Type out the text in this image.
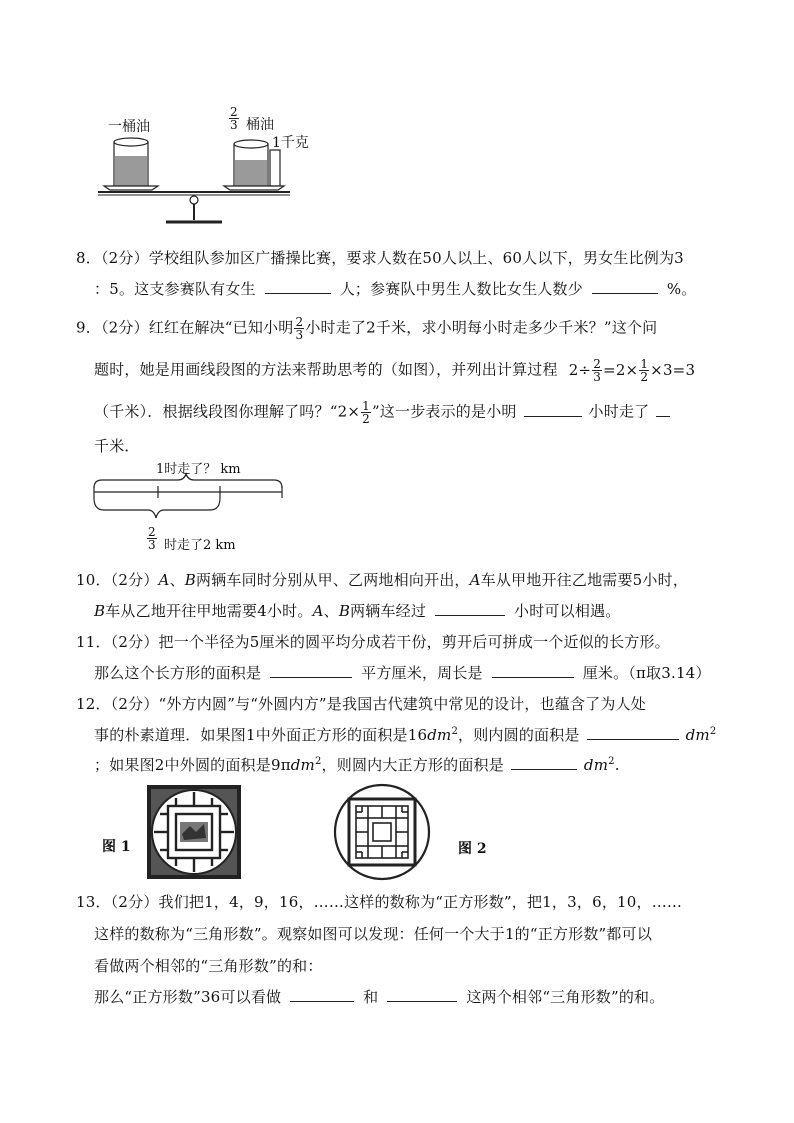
一桶油	$\frac{2}{3}$ 桶油
1千克
8．（2分）学校组队参加区广播操比赛，要求人数在50人以上、60人以下，男女生比例为3
：5。这支参赛队有女生	人；参赛队中男生人数比女生人数少	%。
9．（2分）红红在解决“已知小明 $\frac{2}{3}$ 小时走了2千米，求小明每小时走多少千米？”这个问
题时，她是用画线段图的方法来帮助思考的（如图），并列出计算过程 $2\div \frac{2}{3} =2\times \frac{1}{2} \times 3=3$
（千米）．根据线段图你理解了吗？“$2\times \frac{1}{2}$ ”这一步表示的是小明	小时走了
千米．
1时走了？ km
$\frac{2}{3}$ 时走了2 km
10．（2分）A、B两辆车同时分别从甲、乙两地相向开出，A车从甲地开往乙地需要5小时，
B车从乙地开往甲地需要4小时。A、B两辆车经过	小时可以相遇。
11．（2分）把一个半径为5厘米的圆平均分成若干份，剪开后可拼成一个近似的长方形。
那么这个长方形的面积是	平方厘米，周长是	厘米。（π取3.14）
12．（2分）“外方内圆”与“外圆内方”是我国古代建筑中常见的设计，也蕴含了为人处
事的朴素道理．如果图1中外面正方形的面积是$16dm^2$，则内圆的面积是	$dm^2$
；如果图2中外圆的面积是9πdm$^2$，则圆内大正方形的面积是	$dm^2$.
图 1	图 2
13．（2分）我们把1，4，9，16，……这样的数称为“正方形数”，把1，3，6，10，……
这样的数称为“三角形数”。观察如图可以发现：任何一个大于1的“正方形数”都可以
看做两个相邻的“三角形数”的和：
那么“正方形数”36可以看做	和	这两个相邻“三角形数”的和。
